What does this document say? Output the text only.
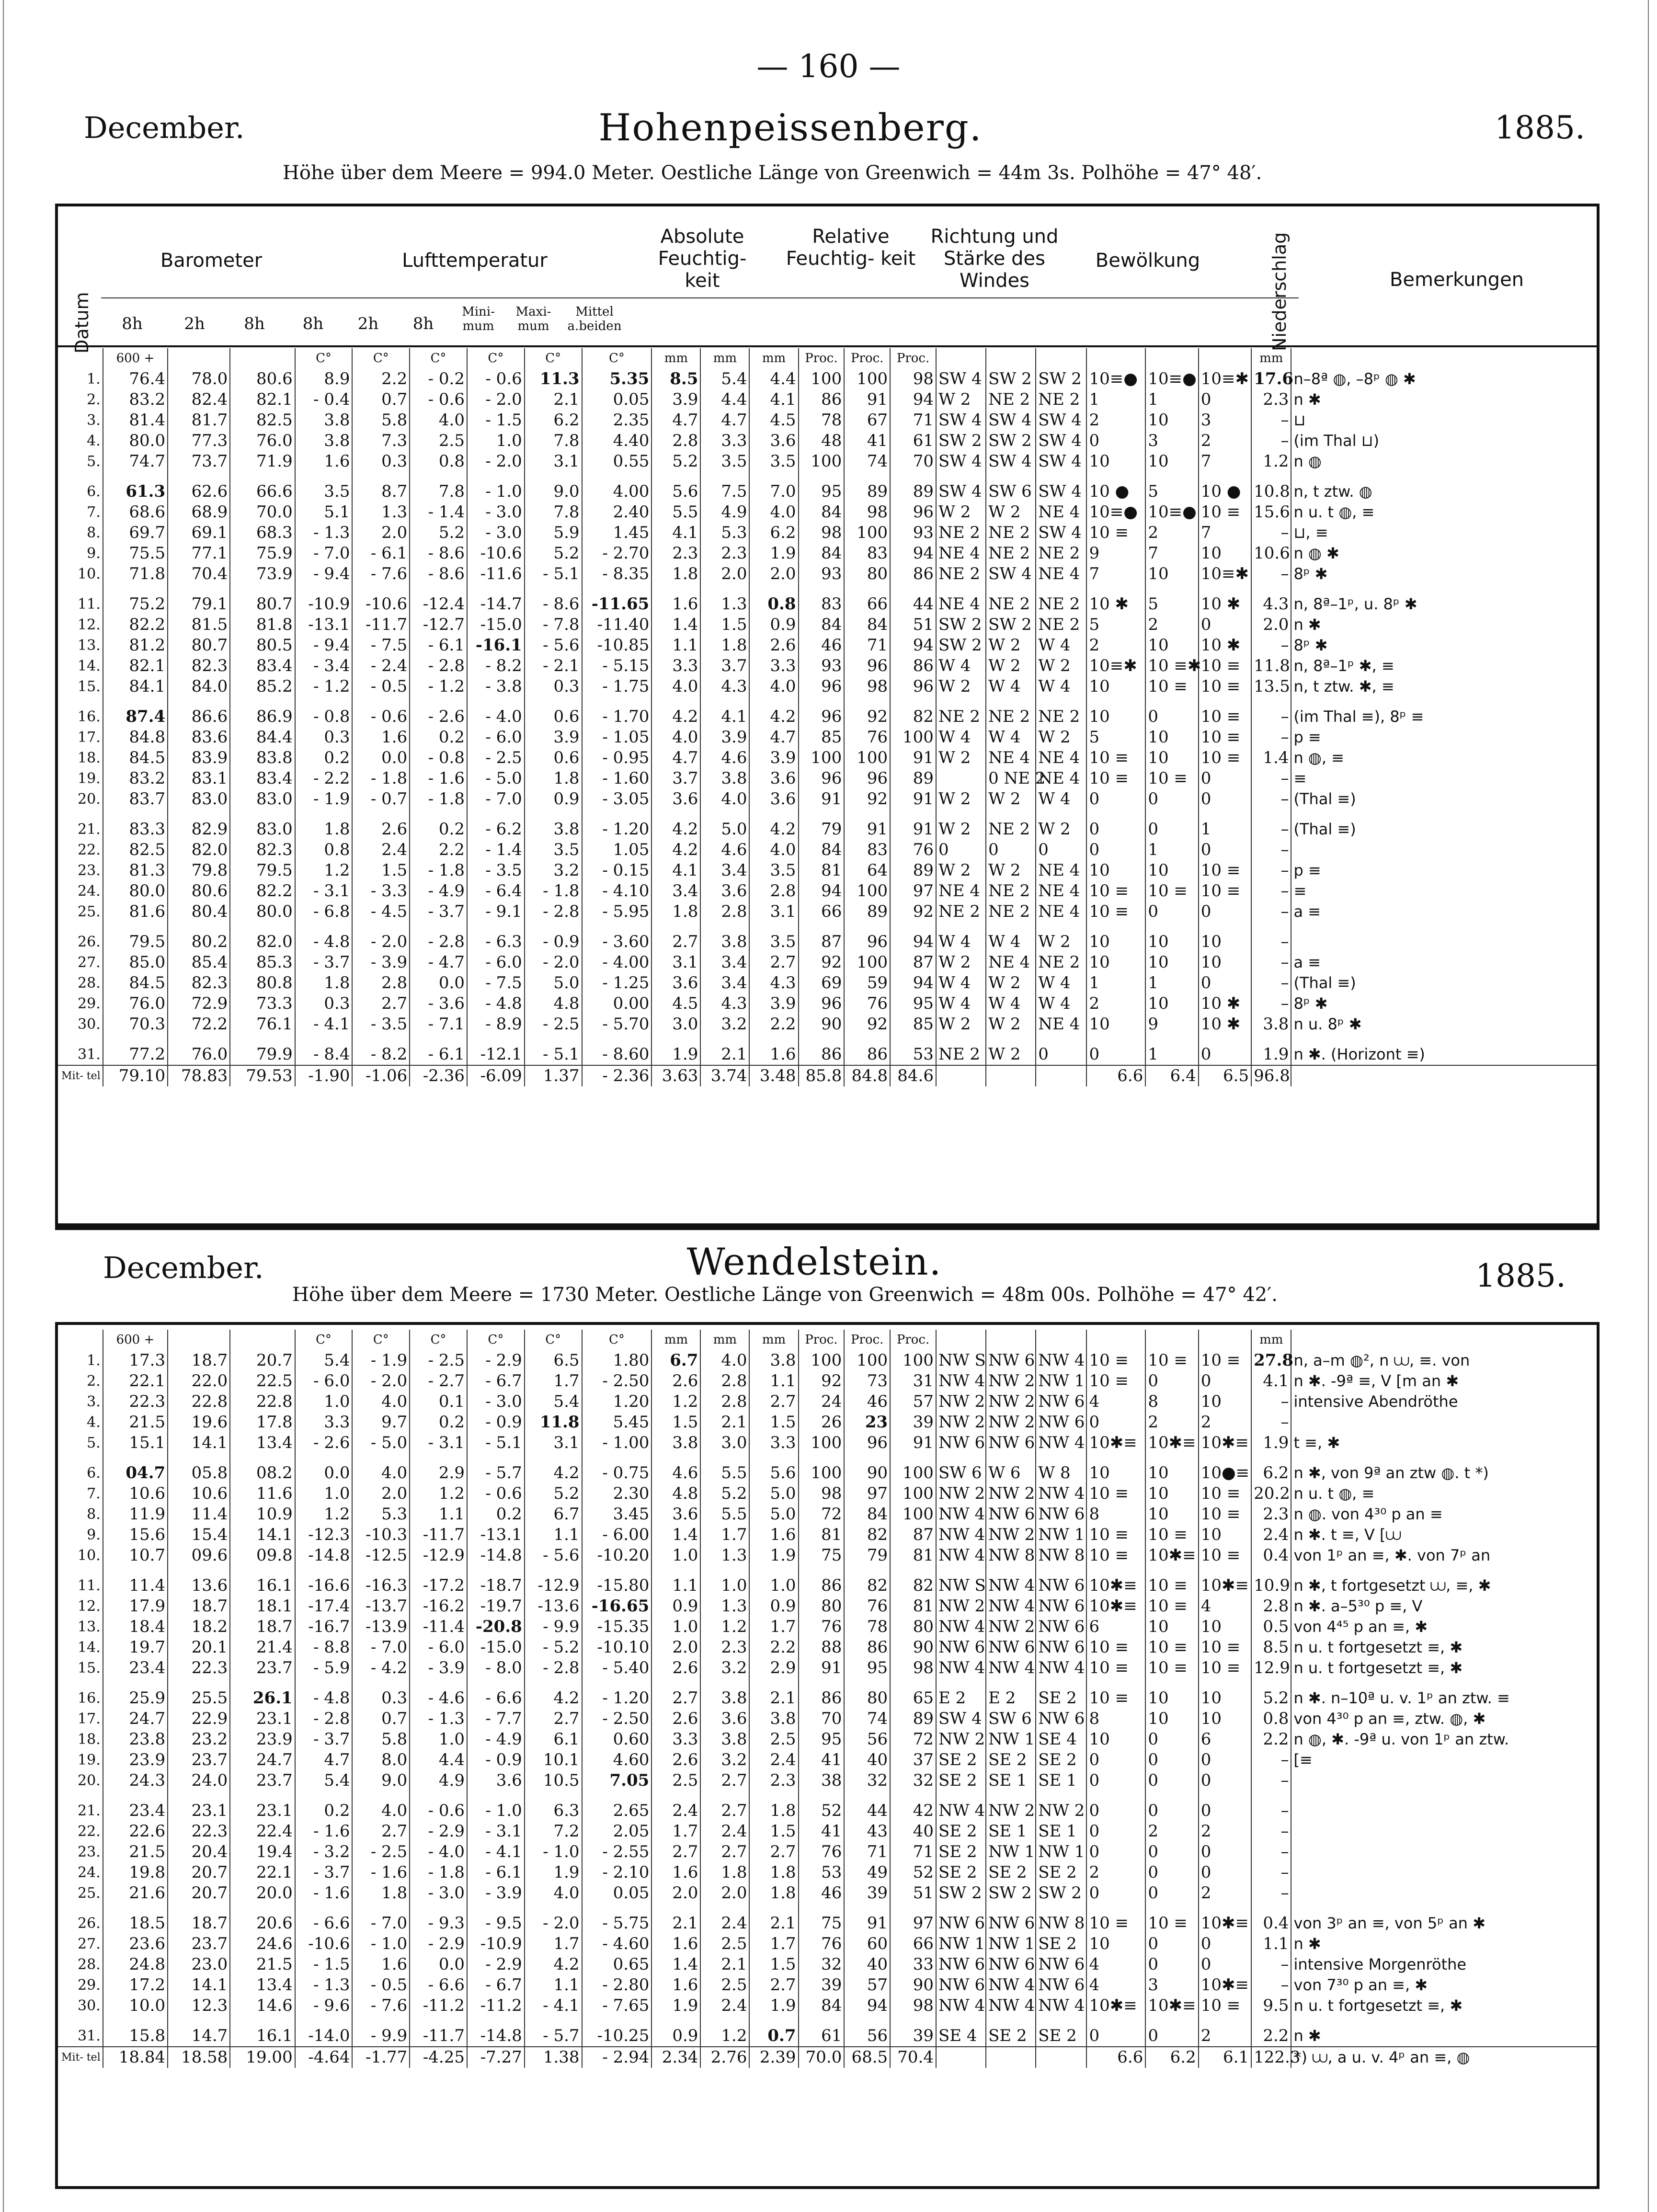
— 160 —
December.	Hohenpeissenberg.	1885.
Höhe über dem Meere = 994.0 Meter. Oestliche Länge von Greenwich = 44m 3s. Polhöhe = 47° 48′.
Datum
Barometer	Lufttemperatur
Absolute Feuchtig- keit
Relative Feuchtig- keit
Richtung und Stärke des Windes
Bewölkung	Niederschlag	Bemerkungen
8h	2h	8h	8h	2h	8h
Mini- mum
Maxi- mum
Mittel a.beiden
	600 +			C°	C°	C°	C°	C°	C°	mm	mm	mm	Proc.	Proc.	Proc.							mm	
1.	76.4	78.0	80.6	8.9	2.2	- 0.2	- 0.6	11.3	5.35	8.5	5.4	4.4	100	100	98	SW 4	SW 2	SW 2	10≡●	10≡●	10≡✱	17.6	n–8ª ◍, –8ᵖ ◍ ✱
2.	83.2	82.4	82.1	- 0.4	0.7	- 0.6	- 2.0	2.1	0.05	3.9	4.4	4.1	86	91	94	W 2	NE 2	NE 2	1	1	0	2.3	n ✱
3.	81.4	81.7	82.5	3.8	5.8	4.0	- 1.5	6.2	2.35	4.7	4.7	4.5	78	67	71	SW 4	SW 4	SW 4	2	10	3	–	⊔
4.	80.0	77.3	76.0	3.8	7.3	2.5	1.0	7.8	4.40	2.8	3.3	3.6	48	41	61	SW 2	SW 2	SW 4	0	3	2	–	(im Thal ⊔)
5.	74.7	73.7	71.9	1.6	0.3	0.8	- 2.0	3.1	0.55	5.2	3.5	3.5	100	74	70	SW 4	SW 4	SW 4	10	10	7	1.2	n ◍

6.	61.3	62.6	66.6	3.5	8.7	7.8	- 1.0	9.0	4.00	5.6	7.5	7.0	95	89	89	SW 4	SW 6	SW 4	10 ●	5	10 ●	10.8	n, t ztw. ◍
7.	68.6	68.9	70.0	5.1	1.3	- 1.4	- 3.0	7.8	2.40	5.5	4.9	4.0	84	98	96	W 2	W 2	NE 4	10≡●	10≡●	10 ≡	15.6	n u. t ◍, ≡
8.	69.7	69.1	68.3	- 1.3	2.0	5.2	- 3.0	5.9	1.45	4.1	5.3	6.2	98	100	93	NE 2	NE 2	SW 4	10 ≡	2	7	–	⊔, ≡
9.	75.5	77.1	75.9	- 7.0	- 6.1	- 8.6	-10.6	5.2	- 2.70	2.3	2.3	1.9	84	83	94	NE 4	NE 2	NE 2	9	7	10	10.6	n ◍ ✱
10.	71.8	70.4	73.9	- 9.4	- 7.6	- 8.6	-11.6	- 5.1	- 8.35	1.8	2.0	2.0	93	80	86	NE 2	SW 4	NE 4	7	10	10≡✱	–	8ᵖ ✱

11.	75.2	79.1	80.7	-10.9	-10.6	-12.4	-14.7	- 8.6	-11.65	1.6	1.3	0.8	83	66	44	NE 4	NE 2	NE 2	10 ✱	5	10 ✱	4.3	n, 8ª–1ᵖ, u. 8ᵖ ✱
12.	82.2	81.5	81.8	-13.1	-11.7	-12.7	-15.0	- 7.8	-11.40	1.4	1.5	0.9	84	84	51	SW 2	SW 2	NE 2	5	2	0	2.0	n ✱
13.	81.2	80.7	80.5	- 9.4	- 7.5	- 6.1	-16.1	- 5.6	-10.85	1.1	1.8	2.6	46	71	94	SW 2	W 2	W 4	2	10	10 ✱	–	8ᵖ ✱
14.	82.1	82.3	83.4	- 3.4	- 2.4	- 2.8	- 8.2	- 2.1	- 5.15	3.3	3.7	3.3	93	96	86	W 4	W 2	W 2	10≡✱	10 ≡✱	10 ≡	11.8	n, 8ª–1ᵖ ✱, ≡
15.	84.1	84.0	85.2	- 1.2	- 0.5	- 1.2	- 3.8	0.3	- 1.75	4.0	4.3	4.0	96	98	96	W 2	W 4	W 4	10	10 ≡	10 ≡	13.5	n, t ztw. ✱, ≡

16.	87.4	86.6	86.9	- 0.8	- 0.6	- 2.6	- 4.0	0.6	- 1.70	4.2	4.1	4.2	96	92	82	NE 2	NE 2	NE 2	10	0	10 ≡	–	(im Thal ≡), 8ᵖ ≡
17.	84.8	83.6	84.4	0.3	1.6	0.2	- 6.0	3.9	- 1.05	4.0	3.9	4.7	85	76	100	W 4	W 4	W 2	5	10	10 ≡	–	p ≡
18.	84.5	83.9	83.8	0.2	0.0	- 0.8	- 2.5	0.6	- 0.95	4.7	4.6	3.9	100	100	91	W 2	NE 4	NE 4	10 ≡	10	10 ≡	1.4	n ◍, ≡
19.	83.2	83.1	83.4	- 2.2	- 1.8	- 1.6	- 5.0	1.8	- 1.60	3.7	3.8	3.6	96	96	89		0 NE 2	NE 4	10 ≡	10 ≡	0	–	≡
20.	83.7	83.0	83.0	- 1.9	- 0.7	- 1.8	- 7.0	0.9	- 3.05	3.6	4.0	3.6	91	92	91	W 2	W 2	W 4	0	0	0	–	(Thal ≡)

21.	83.3	82.9	83.0	1.8	2.6	0.2	- 6.2	3.8	- 1.20	4.2	5.0	4.2	79	91	91	W 2	NE 2	W 2	0	0	1	–	(Thal ≡)
22.	82.5	82.0	82.3	0.8	2.4	2.2	- 1.4	3.5	1.05	4.2	4.6	4.0	84	83	76	0	0	0	0	1	0	–	
23.	81.3	79.8	79.5	1.2	1.5	- 1.8	- 3.5	3.2	- 0.15	4.1	3.4	3.5	81	64	89	W 2	W 2	NE 4	10	10	10 ≡	–	p ≡
24.	80.0	80.6	82.2	- 3.1	- 3.3	- 4.9	- 6.4	- 1.8	- 4.10	3.4	3.6	2.8	94	100	97	NE 4	NE 2	NE 4	10 ≡	10 ≡	10 ≡	–	≡
25.	81.6	80.4	80.0	- 6.8	- 4.5	- 3.7	- 9.1	- 2.8	- 5.95	1.8	2.8	3.1	66	89	92	NE 2	NE 2	NE 4	10 ≡	0	0	–	a ≡

26.	79.5	80.2	82.0	- 4.8	- 2.0	- 2.8	- 6.3	- 0.9	- 3.60	2.7	3.8	3.5	87	96	94	W 4	W 4	W 2	10	10	10	–	
27.	85.0	85.4	85.3	- 3.7	- 3.9	- 4.7	- 6.0	- 2.0	- 4.00	3.1	3.4	2.7	92	100	87	W 2	NE 4	NE 2	10	10	10	–	a ≡
28.	84.5	82.3	80.8	1.8	2.8	0.0	- 7.5	5.0	- 1.25	3.6	3.4	4.3	69	59	94	W 4	W 2	W 4	1	1	0	–	(Thal ≡)
29.	76.0	72.9	73.3	0.3	2.7	- 3.6	- 4.8	4.8	0.00	4.5	4.3	3.9	96	76	95	W 4	W 4	W 4	2	10	10 ✱	–	8ᵖ ✱
30.	70.3	72.2	76.1	- 4.1	- 3.5	- 7.1	- 8.9	- 2.5	- 5.70	3.0	3.2	2.2	90	92	85	W 2	W 2	NE 4	10	9	10 ✱	3.8	n u. 8ᵖ ✱

31.	77.2	76.0	79.9	- 8.4	- 8.2	- 6.1	-12.1	- 5.1	- 8.60	1.9	2.1	1.6	86	86	53	NE 2	W 2	0	0	1	0	1.9	n ✱. (Horizont ≡)
Mit- tel	79.10	78.83	79.53	-1.90	-1.06	-2.36	-6.09	1.37	- 2.36	3.63	3.74	3.48	85.8	84.8	84.6				6.6	6.4	6.5	96.8	
December.	Wendelstein.	1885.
Höhe über dem Meere = 1730 Meter. Oestliche Länge von Greenwich = 48m 00s. Polhöhe = 47° 42′.
	600 +			C°	C°	C°	C°	C°	C°	mm	mm	mm	Proc.	Proc.	Proc.							mm	
1.	17.3	18.7	20.7	5.4	- 1.9	- 2.5	- 2.9	6.5	1.80	6.7	4.0	3.8	100	100	100	NW S	NW 6	NW 4	10 ≡	10 ≡	10 ≡	27.8	n, a–m ◍², n ⩊, ≡. von
2.	22.1	22.0	22.5	- 6.0	- 2.0	- 2.7	- 6.7	1.7	- 2.50	2.6	2.8	1.1	92	73	31	NW 4	NW 2	NW 1	10 ≡	0	0	4.1	n ✱. -9ª ≡, V [m an ✱
3.	22.3	22.8	22.8	1.0	4.0	0.1	- 3.0	5.4	1.20	1.2	2.8	2.7	24	46	57	NW 2	NW 2	NW 6	4	8	10	–	intensive Abendröthe
4.	21.5	19.6	17.8	3.3	9.7	0.2	- 0.9	11.8	5.45	1.5	2.1	1.5	26	23	39	NW 2	NW 2	NW 6	0	2	2	–	
5.	15.1	14.1	13.4	- 2.6	- 5.0	- 3.1	- 5.1	3.1	- 1.00	3.8	3.0	3.3	100	96	91	NW 6	NW 6	NW 4	10✱≡	10✱≡	10✱≡	1.9	t ≡, ✱

6.	04.7	05.8	08.2	0.0	4.0	2.9	- 5.7	4.2	- 0.75	4.6	5.5	5.6	100	90	100	SW 6	W 6	W 8	10	10	10●≡	6.2	n ✱, von 9ª an ztw ◍. t *)
7.	10.6	10.6	11.6	1.0	2.0	1.2	- 0.6	5.2	2.30	4.8	5.2	5.0	98	97	100	NW 2	NW 2	NW 4	10 ≡	10	10 ≡	20.2	n u. t ◍, ≡
8.	11.9	11.4	10.9	1.2	5.3	1.1	0.2	6.7	3.45	3.6	5.5	5.0	72	84	100	NW 4	NW 6	NW 6	8	10	10 ≡	2.3	n ◍. von 4³⁰ p an ≡
9.	15.6	15.4	14.1	-12.3	-10.3	-11.7	-13.1	1.1	- 6.00	1.4	1.7	1.6	81	82	87	NW 4	NW 2	NW 1	10 ≡	10 ≡	10	2.4	n ✱. t ≡, V [⩊
10.	10.7	09.6	09.8	-14.8	-12.5	-12.9	-14.8	- 5.6	-10.20	1.0	1.3	1.9	75	79	81	NW 4	NW 8	NW 8	10 ≡	10✱≡	10 ≡	0.4	von 1ᵖ an ≡, ✱. von 7ᵖ an

11.	11.4	13.6	16.1	-16.6	-16.3	-17.2	-18.7	-12.9	-15.80	1.1	1.0	1.0	86	82	82	NW S	NW 4	NW 6	10✱≡	10 ≡	10✱≡	10.9	n ✱, t fortgesetzt ⩊, ≡, ✱
12.	17.9	18.7	18.1	-17.4	-13.7	-16.2	-19.7	-13.6	-16.65	0.9	1.3	0.9	80	76	81	NW 2	NW 4	NW 6	10✱≡	10 ≡	4	2.8	n ✱. a–5³⁰ p ≡, V
13.	18.4	18.2	18.7	-16.7	-13.9	-11.4	-20.8	- 9.9	-15.35	1.0	1.2	1.7	76	78	80	NW 4	NW 2	NW 6	6	10	10	0.5	von 4⁴⁵ p an ≡, ✱
14.	19.7	20.1	21.4	- 8.8	- 7.0	- 6.0	-15.0	- 5.2	-10.10	2.0	2.3	2.2	88	86	90	NW 6	NW 6	NW 6	10 ≡	10 ≡	10 ≡	8.5	n u. t fortgesetzt ≡, ✱
15.	23.4	22.3	23.7	- 5.9	- 4.2	- 3.9	- 8.0	- 2.8	- 5.40	2.6	3.2	2.9	91	95	98	NW 4	NW 4	NW 4	10 ≡	10 ≡	10 ≡	12.9	n u. t fortgesetzt ≡, ✱

16.	25.9	25.5	26.1	- 4.8	0.3	- 4.6	- 6.6	4.2	- 1.20	2.7	3.8	2.1	86	80	65	E 2	E 2	SE 2	10 ≡	10	10	5.2	n ✱. n–10ª u. v. 1ᵖ an ztw. ≡
17.	24.7	22.9	23.1	- 2.8	0.7	- 1.3	- 7.7	2.7	- 2.50	2.6	3.6	3.8	70	74	89	SW 4	SW 6	NW 6	8	10	10	0.8	von 4³⁰ p an ≡, ztw. ◍, ✱
18.	23.8	23.2	23.9	- 3.7	5.8	1.0	- 4.9	6.1	0.60	3.3	3.8	2.5	95	56	72	NW 2	NW 1	SE 4	10	0	6	2.2	n ◍, ✱. -9ª u. von 1ᵖ an ztw.
19.	23.9	23.7	24.7	4.7	8.0	4.4	- 0.9	10.1	4.60	2.6	3.2	2.4	41	40	37	SE 2	SE 2	SE 2	0	0	0	–	[≡
20.	24.3	24.0	23.7	5.4	9.0	4.9	3.6	10.5	7.05	2.5	2.7	2.3	38	32	32	SE 2	SE 1	SE 1	0	0	0	–	

21.	23.4	23.1	23.1	0.2	4.0	- 0.6	- 1.0	6.3	2.65	2.4	2.7	1.8	52	44	42	NW 4	NW 2	NW 2	0	0	0	–	
22.	22.6	22.3	22.4	- 1.6	2.7	- 2.9	- 3.1	7.2	2.05	1.7	2.4	1.5	41	43	40	SE 2	SE 1	SE 1	0	2	2	–	
23.	21.5	20.4	19.4	- 3.2	- 2.5	- 4.0	- 4.1	- 1.0	- 2.55	2.7	2.7	2.7	76	71	71	SE 2	NW 1	NW 1	0	0	0	–	
24.	19.8	20.7	22.1	- 3.7	- 1.6	- 1.8	- 6.1	1.9	- 2.10	1.6	1.8	1.8	53	49	52	SE 2	SE 2	SE 2	2	0	0	–	
25.	21.6	20.7	20.0	- 1.6	1.8	- 3.0	- 3.9	4.0	0.05	2.0	2.0	1.8	46	39	51	SW 2	SW 2	SW 2	0	0	2	–	

26.	18.5	18.7	20.6	- 6.6	- 7.0	- 9.3	- 9.5	- 2.0	- 5.75	2.1	2.4	2.1	75	91	97	NW 6	NW 6	NW 8	10 ≡	10 ≡	10✱≡	0.4	von 3ᵖ an ≡, von 5ᵖ an ✱
27.	23.6	23.7	24.6	-10.6	- 1.0	- 2.9	-10.9	1.7	- 4.60	1.6	2.5	1.7	76	60	66	NW 1	NW 1	SE 2	10	0	0	1.1	n ✱
28.	24.8	23.0	21.5	- 1.5	1.6	0.0	- 2.9	4.2	0.65	1.4	2.1	1.5	32	40	33	NW 6	NW 6	NW 6	4	0	0	–	intensive Morgenröthe
29.	17.2	14.1	13.4	- 1.3	- 0.5	- 6.6	- 6.7	1.1	- 2.80	1.6	2.5	2.7	39	57	90	NW 6	NW 4	NW 6	4	3	10✱≡	–	von 7³⁰ p an ≡, ✱
30.	10.0	12.3	14.6	- 9.6	- 7.6	-11.2	-11.2	- 4.1	- 7.65	1.9	2.4	1.9	84	94	98	NW 4	NW 4	NW 4	10✱≡	10✱≡	10 ≡	9.5	n u. t fortgesetzt ≡, ✱

31.	15.8	14.7	16.1	-14.0	- 9.9	-11.7	-14.8	- 5.7	-10.25	0.9	1.2	0.7	61	56	39	SE 4	SE 2	SE 2	0	0	2	2.2	n ✱
Mit- tel	18.84	18.58	19.00	-4.64	-1.77	-4.25	-7.27	1.38	- 2.94	2.34	2.76	2.39	70.0	68.5	70.4				6.6	6.2	6.1	122.3	*) ⩊, a u. v. 4ᵖ an ≡, ◍
